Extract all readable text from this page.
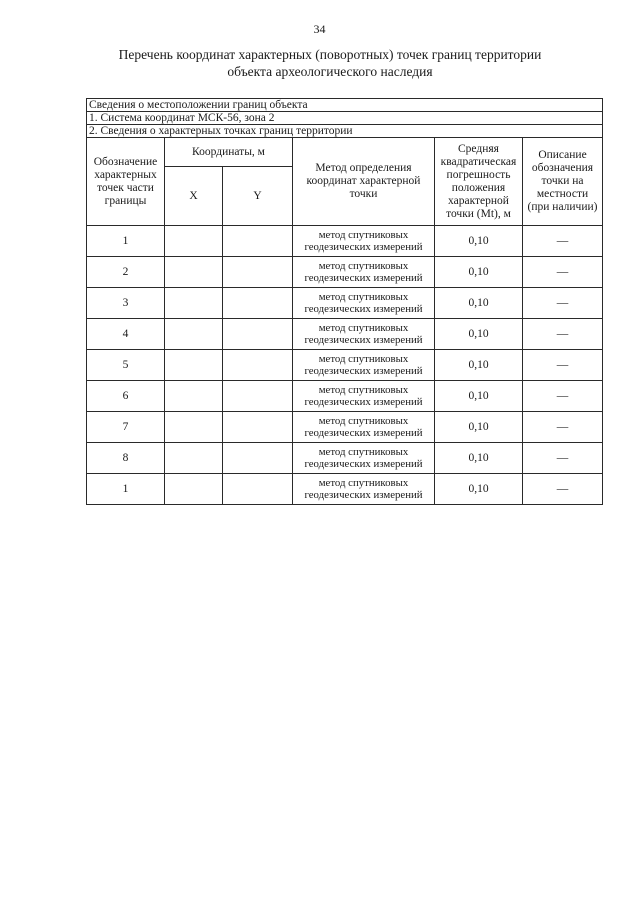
34
Перечень координат характерных (поворотных) точек границ территории
объекта археологического наследия
Сведения о местоположении границ объекта					
1. Система координат МСК-56, зона 2					
2. Сведения о характерных точках границ территории					
Обозначение характерных точек части границы	Координаты, м		Метод определения координат характерной точки	Средняя квадратическая погрешность положения характерной точки (Mt), м	Описание обозначения точки на местности (при наличии)
	X	Y			
1			метод спутниковых геодезических измерений	0,10	—
2			метод спутниковых геодезических измерений	0,10	—
3			метод спутниковых геодезических измерений	0,10	—
4			метод спутниковых геодезических измерений	0,10	—
5			метод спутниковых геодезических измерений	0,10	—
6			метод спутниковых геодезических измерений	0,10	—
7			метод спутниковых геодезических измерений	0,10	—
8			метод спутниковых геодезических измерений	0,10	—
1			метод спутниковых геодезических измерений	0,10	—
